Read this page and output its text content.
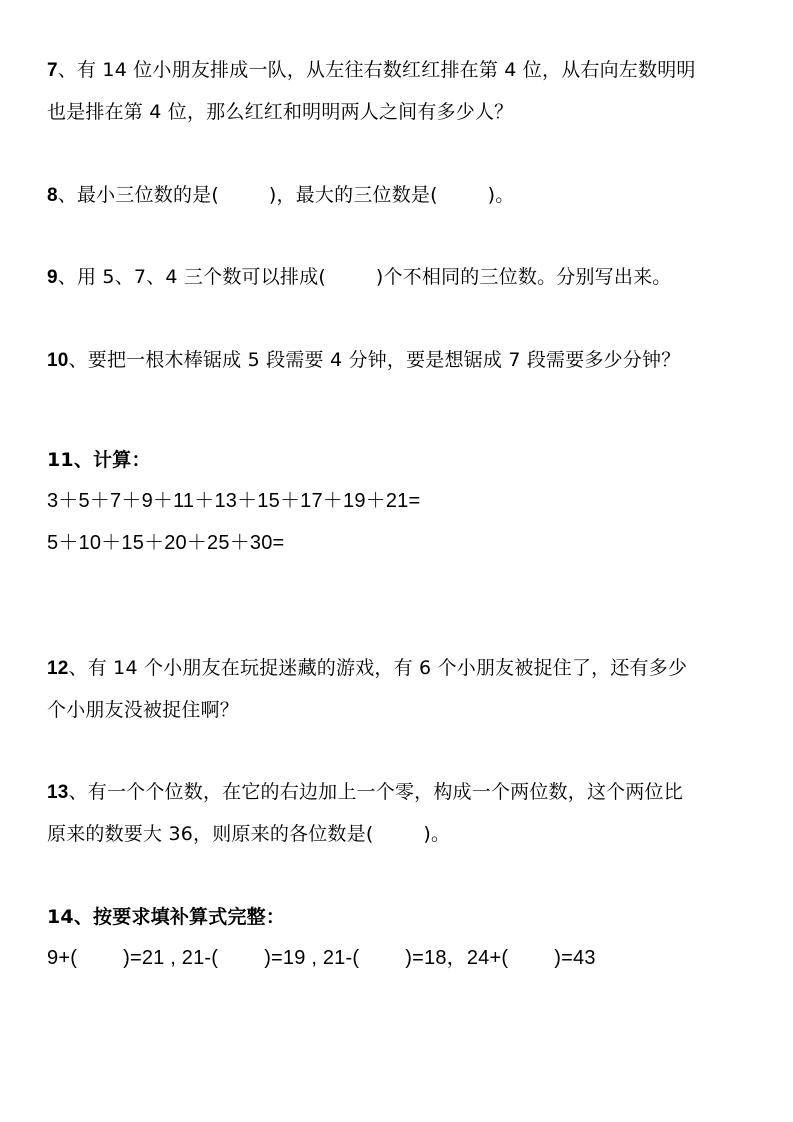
7、有 14 位小朋友排成一队，从左往右数红红排在第 4 位，从右向左数明明

也是排在第 4 位，那么红红和明明两人之间有多少人？

8、最小三位数的是(        )，最大的三位数是(        )。

9、用 5、7、4 三个数可以排成(        )个不相同的三位数。分别写出来。

10、要把一根木棒锯成 5 段需要 4 分钟，要是想锯成 7 段需要多少分钟？

11、计算：

3＋5＋7＋9＋11＋13＋15＋17＋19＋21=

5＋10＋15＋20＋25＋30=

12、有 14 个小朋友在玩捉迷藏的游戏，有 6 个小朋友被捉住了，还有多少

个小朋友没被捉住啊？

13、有一个个位数，在它的右边加上一个零，构成一个两位数，这个两位比

原来的数要大 36，则原来的各位数是(        )。

14、按要求填补算式完整：

9+(        )=21 , 21-(        )=19 , 21-(        )=18，24+(        )=43
